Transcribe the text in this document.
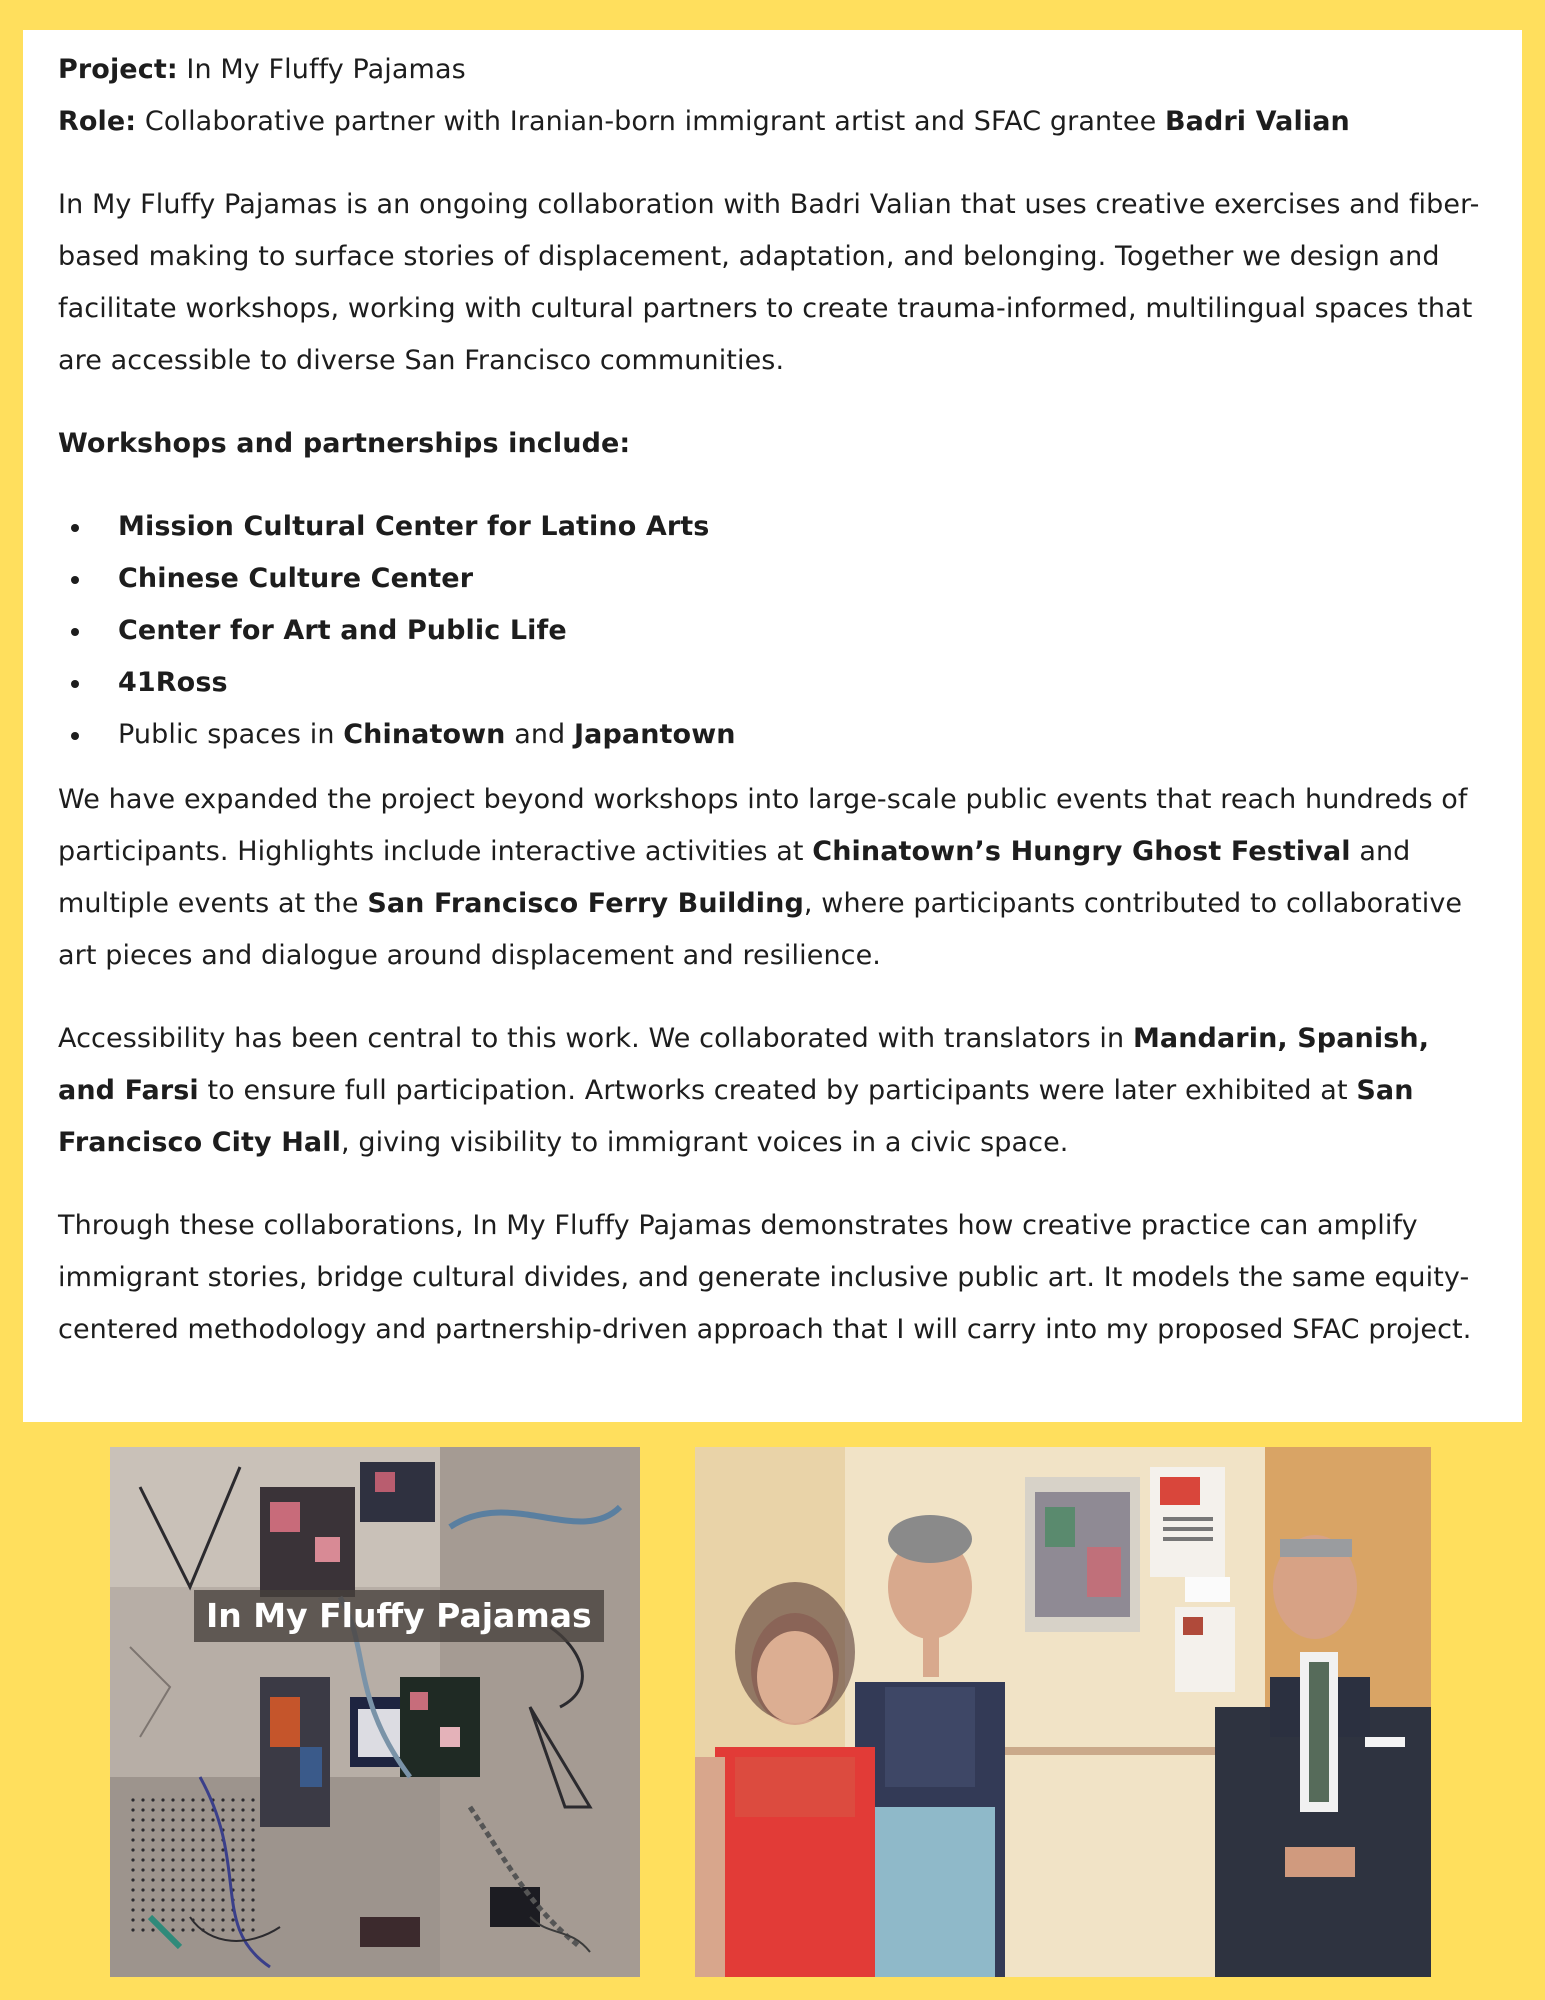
Project: In My Fluffy Pajamas

Role: Collaborative partner with Iranian-born immigrant artist and SFAC grantee Badri Valian

In My Fluffy Pajamas is an ongoing collaboration with Badri Valian that uses creative exercises and fiber-based making to surface stories of displacement, adaptation, and belonging. Together we design and facilitate workshops, working with cultural partners to create trauma-informed, multilingual spaces that are accessible to diverse San Francisco communities.

Workshops and partnerships include:

Mission Cultural Center for Latino Arts
Chinese Culture Center
Center for Art and Public Life
41Ross
Public spaces in Chinatown and Japantown

We have expanded the project beyond workshops into large-scale public events that reach hundreds of participants. Highlights include interactive activities at Chinatown’s Hungry Ghost Festival and multiple events at the San Francisco Ferry Building, where participants contributed to collaborative art pieces and dialogue around displacement and resilience.

Accessibility has been central to this work. We collaborated with translators in Mandarin, Spanish, and Farsi to ensure full participation. Artworks created by participants were later exhibited at San Francisco City Hall, giving visibility to immigrant voices in a civic space.

Through these collaborations, In My Fluffy Pajamas demonstrates how creative practice can amplify immigrant stories, bridge cultural divides, and generate inclusive public art. It models the same equity-centered methodology and partnership-driven approach that I will carry into my proposed SFAC project.

In My Fluffy Pajamas
